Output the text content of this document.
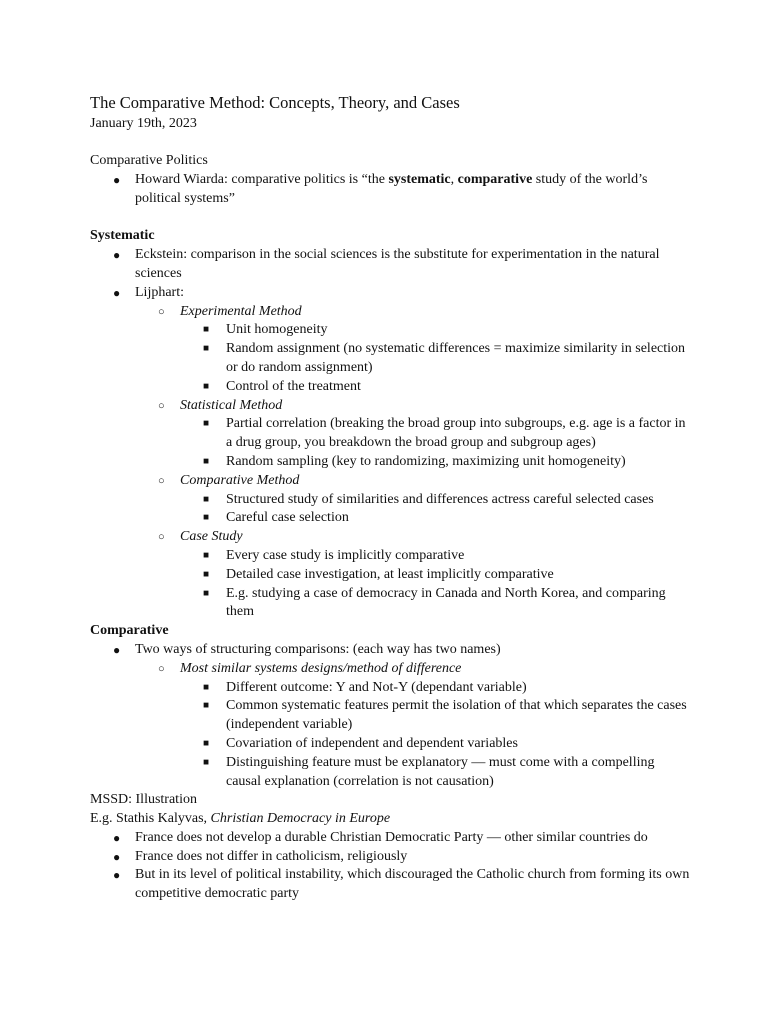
The Comparative Method: Concepts, Theory, and Cases

January 19th, 2023

Comparative Politics

● Howard Wiarda: comparative politics is “the systematic, comparative study of the world’s political systems”

Systematic

● Eckstein: comparison in the social sciences is the substitute for experimentation in the natural sciences
● Lijphart:
○ Experimental Method
■ Unit homogeneity
■ Random assignment (no systematic differences = maximize similarity in selection or do random assignment)
■ Control of the treatment
○ Statistical Method
■ Partial correlation (breaking the broad group into subgroups, e.g. age is a factor in a drug group, you breakdown the broad group and subgroup ages)
■ Random sampling (key to randomizing, maximizing unit homogeneity)
○ Comparative Method
■ Structured study of similarities and differences actress careful selected cases
■ Careful case selection
○ Case Study
■ Every case study is implicitly comparative
■ Detailed case investigation, at least implicitly comparative
■ E.g. studying a case of democracy in Canada and North Korea, and comparing them

Comparative

● Two ways of structuring comparisons: (each way has two names)
○ Most similar systems designs/method of difference
■ Different outcome: Y and Not-Y (dependant variable)
■ Common systematic features permit the isolation of that which separates the cases (independent variable)
■ Covariation of independent and dependent variables
■ Distinguishing feature must be explanatory — must come with a compelling causal explanation (correlation is not causation)

MSSD: Illustration

E.g. Stathis Kalyvas, Christian Democracy in Europe

● France does not develop a durable Christian Democratic Party — other similar countries do
● France does not differ in catholicism, religiously
● But in its level of political instability, which discouraged the Catholic church from forming its own competitive democratic party
